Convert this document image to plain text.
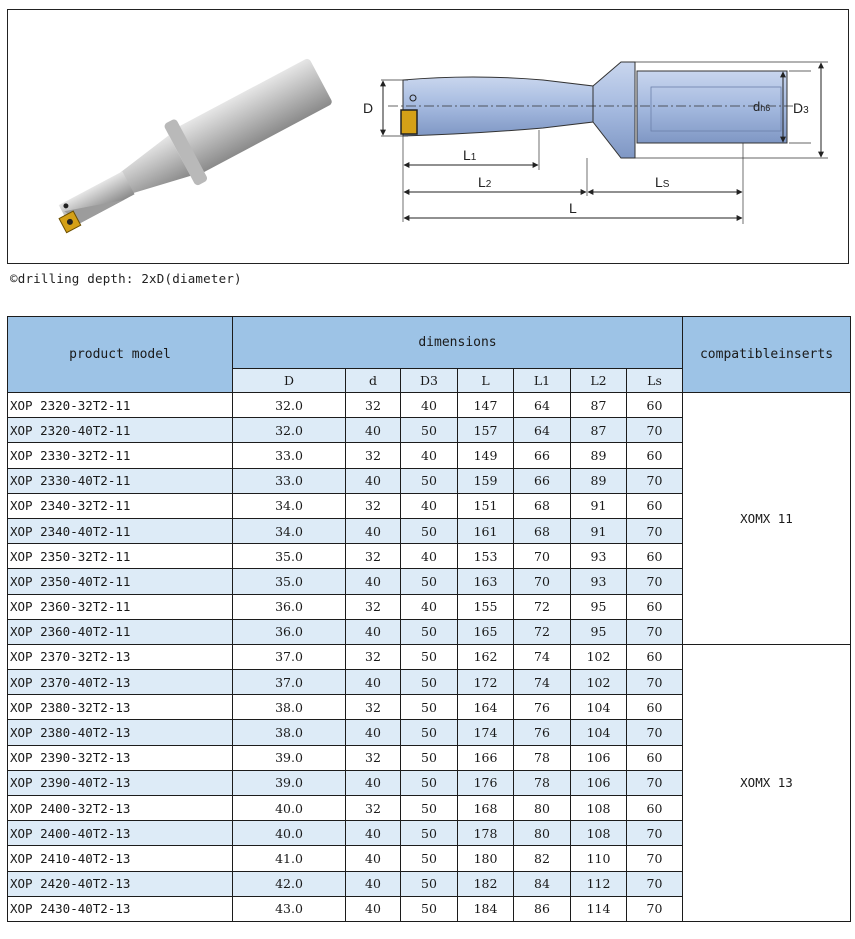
D	dh6 D3
L1
L2	LS
L
©drilling depth: 2xD(diameter)
product model	dimensions							compatibleinserts
	D	d	D3	L	L1	L2	Ls	
XOP 2320-32T2-11	32.0	32	40	147	64	87	60	XOMX 11
XOP 2320-40T2-11	32.0	40	50	157	64	87	70	
XOP 2330-32T2-11	33.0	32	40	149	66	89	60	
XOP 2330-40T2-11	33.0	40	50	159	66	89	70	
XOP 2340-32T2-11	34.0	32	40	151	68	91	60	
XOP 2340-40T2-11	34.0	40	50	161	68	91	70	
XOP 2350-32T2-11	35.0	32	40	153	70	93	60	
XOP 2350-40T2-11	35.0	40	50	163	70	93	70	
XOP 2360-32T2-11	36.0	32	40	155	72	95	60	
XOP 2360-40T2-11	36.0	40	50	165	72	95	70	
XOP 2370-32T2-13	37.0	32	50	162	74	102	60	XOMX 13
XOP 2370-40T2-13	37.0	40	50	172	74	102	70	
XOP 2380-32T2-13	38.0	32	50	164	76	104	60	
XOP 2380-40T2-13	38.0	40	50	174	76	104	70	
XOP 2390-32T2-13	39.0	32	50	166	78	106	60	
XOP 2390-40T2-13	39.0	40	50	176	78	106	70	
XOP 2400-32T2-13	40.0	32	50	168	80	108	60	
XOP 2400-40T2-13	40.0	40	50	178	80	108	70	
XOP 2410-40T2-13	41.0	40	50	180	82	110	70	
XOP 2420-40T2-13	42.0	40	50	182	84	112	70	
XOP 2430-40T2-13	43.0	40	50	184	86	114	70	
